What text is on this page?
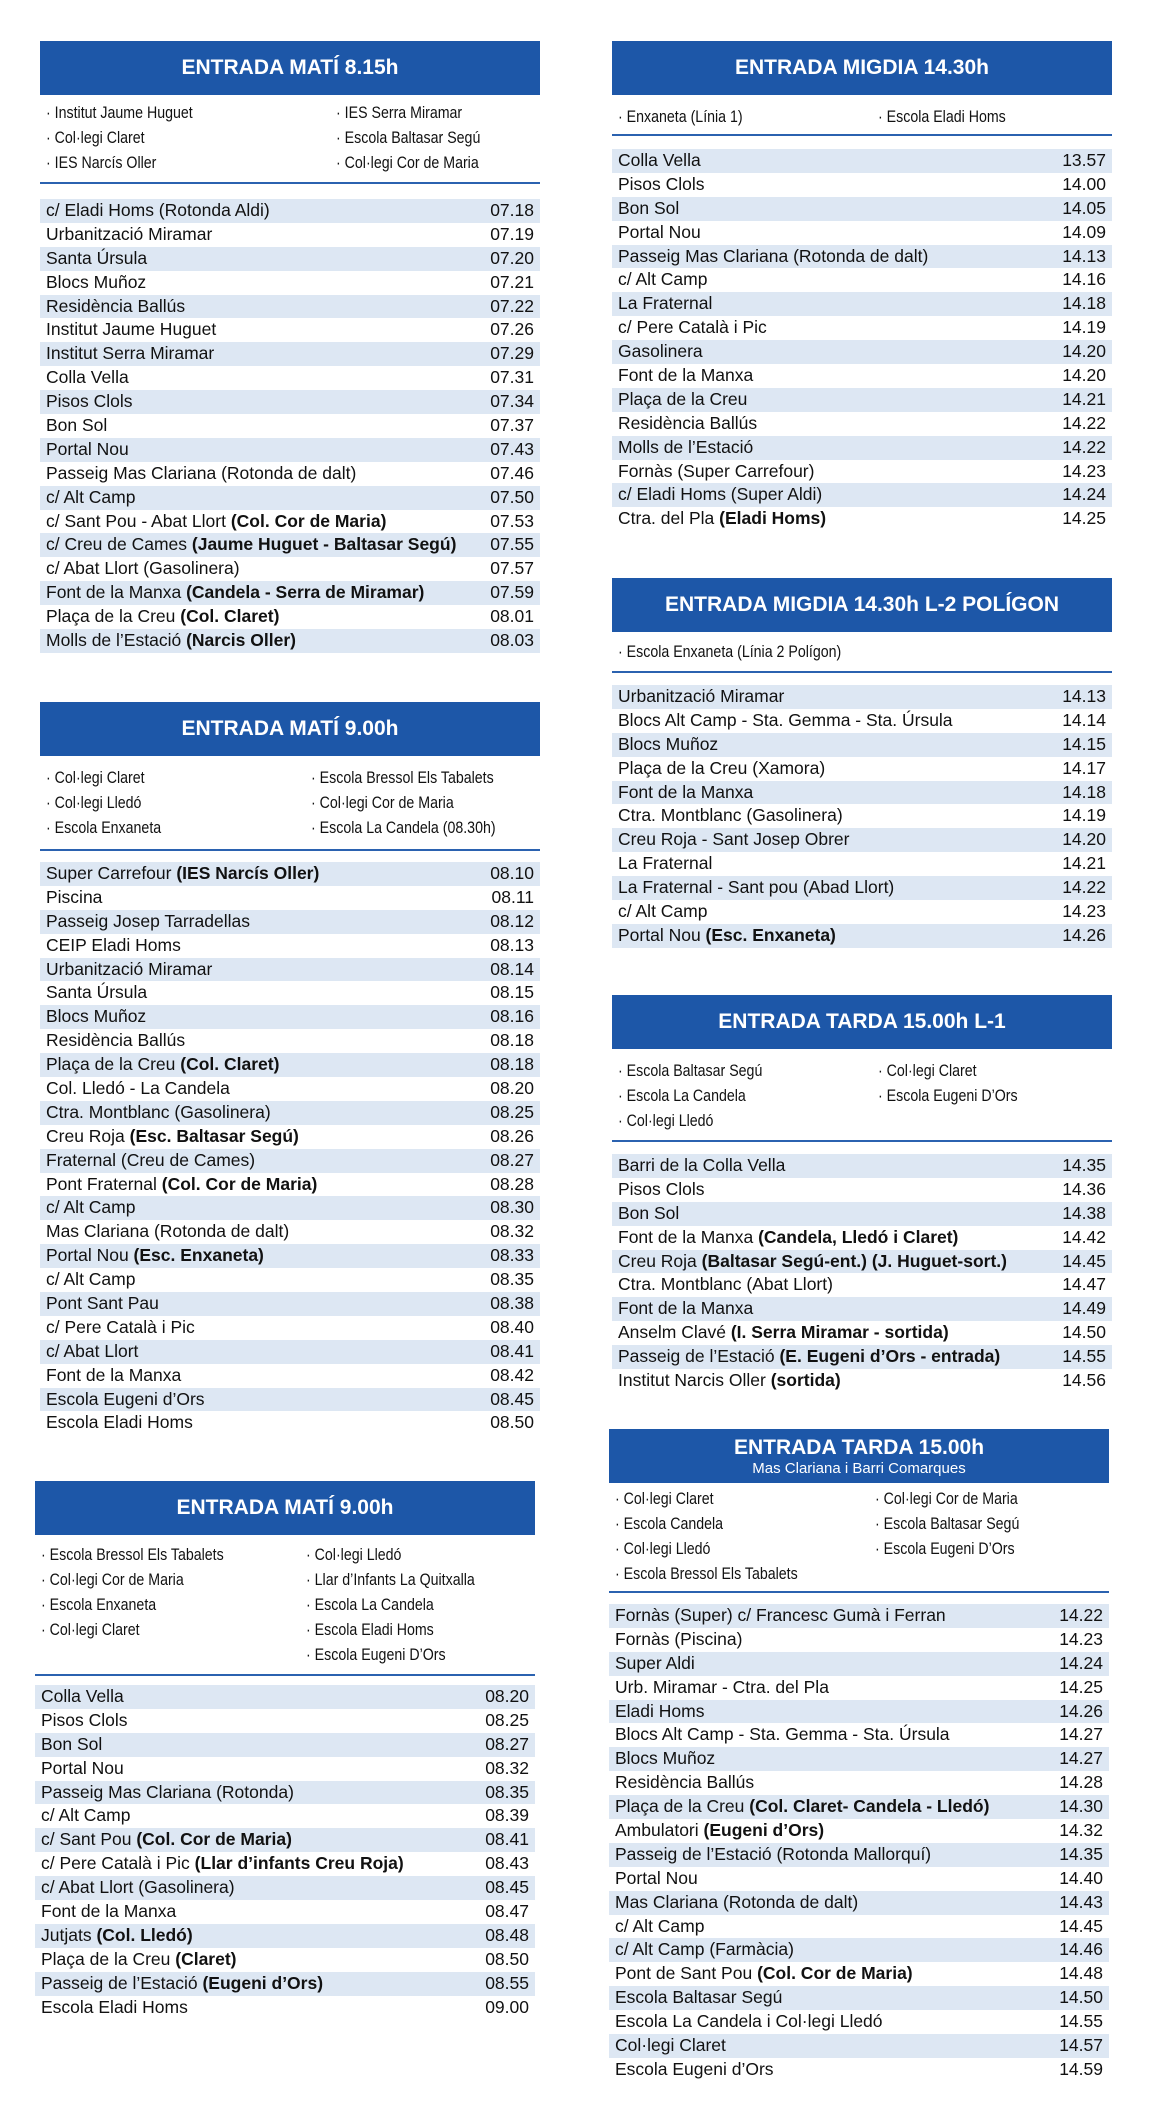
ENTRADA MATÍ 8.15h
· Institut Jaume Huguet	· IES Serra Miramar
· Col·legi Claret	· Escola Baltasar Segú
· IES Narcís Oller	· Col·legi Cor de Maria
c/ Eladi Homs (Rotonda Aldi)	07.18
Urbanització Miramar	07.19
Santa Úrsula	07.20
Blocs Muñoz	07.21
Residència Ballús	07.22
Institut Jaume Huguet	07.26
Institut Serra Miramar	07.29
Colla Vella	07.31
Pisos Clols	07.34
Bon Sol	07.37
Portal Nou	07.43
Passeig Mas Clariana (Rotonda de dalt)	07.46
c/ Alt Camp	07.50
c/ Sant Pou - Abat Llort (Col. Cor de Maria)	07.53
c/ Creu de Cames (Jaume Huguet - Baltasar Segú) 07.55
c/ Abat Llort (Gasolinera)	07.57
Font de la Manxa (Candela - Serra de Miramar)	07.59
Plaça de la Creu (Col. Claret)	08.01
Molls de l’Estació (Narcis Oller)	08.03
ENTRADA MATÍ 9.00h
· Col·legi Claret	· Escola Bressol Els Tabalets
· Col·legi Lledó	· Col·legi Cor de Maria
· Escola Enxaneta	· Escola La Candela (08.30h)
Super Carrefour (IES Narcís Oller)	08.10
Piscina	08.11
Passeig Josep Tarradellas	08.12
CEIP Eladi Homs	08.13
Urbanització Miramar	08.14
Santa Úrsula	08.15
Blocs Muñoz	08.16
Residència Ballús	08.18
Plaça de la Creu (Col. Claret)	08.18
Col. Lledó - La Candela	08.20
Ctra. Montblanc (Gasolinera)	08.25
Creu Roja (Esc. Baltasar Segú)	08.26
Fraternal (Creu de Cames)	08.27
Pont Fraternal (Col. Cor de Maria)	08.28
c/ Alt Camp	08.30
Mas Clariana (Rotonda de dalt)	08.32
Portal Nou (Esc. Enxaneta)	08.33
c/ Alt Camp	08.35
Pont Sant Pau	08.38
c/ Pere Català i Pic	08.40
c/ Abat Llort	08.41
Font de la Manxa	08.42
Escola Eugeni d’Ors	08.45
Escola Eladi Homs	08.50
ENTRADA MATÍ 9.00h
· Escola Bressol Els Tabalets	· Col·legi Lledó
· Col·legi Cor de Maria	· Llar d’Infants La Quitxalla
· Escola Enxaneta	· Escola La Candela
· Col·legi Claret	· Escola Eladi Homs
· Escola Eugeni D’Ors
Colla Vella	08.20
Pisos Clols	08.25
Bon Sol	08.27
Portal Nou	08.32
Passeig Mas Clariana (Rotonda)	08.35
c/ Alt Camp	08.39
c/ Sant Pou (Col. Cor de Maria)	08.41
c/ Pere Català i Pic (Llar d’infants Creu Roja)	08.43
c/ Abat Llort (Gasolinera)	08.45
Font de la Manxa	08.47
Jutjats (Col. Lledó)	08.48
Plaça de la Creu (Claret)	08.50
Passeig de l’Estació (Eugeni d’Ors)	08.55
Escola Eladi Homs	09.00
ENTRADA MIGDIA 14.30h
· Enxaneta (Línia 1)	· Escola Eladi Homs
Colla Vella	13.57
Pisos Clols	14.00
Bon Sol	14.05
Portal Nou	14.09
Passeig Mas Clariana (Rotonda de dalt)	14.13
c/ Alt Camp	14.16
La Fraternal	14.18
c/ Pere Català i Pic	14.19
Gasolinera	14.20
Font de la Manxa	14.20
Plaça de la Creu	14.21
Residència Ballús	14.22
Molls de l’Estació	14.22
Fornàs (Super Carrefour)	14.23
c/ Eladi Homs (Super Aldi)	14.24
Ctra. del Pla (Eladi Homs)	14.25
ENTRADA MIGDIA 14.30h L-2 POLÍGON
· Escola Enxaneta (Línia 2 Polígon)
Urbanització Miramar	14.13
Blocs Alt Camp - Sta. Gemma - Sta. Úrsula	14.14
Blocs Muñoz	14.15
Plaça de la Creu (Xamora)	14.17
Font de la Manxa	14.18
Ctra. Montblanc (Gasolinera)	14.19
Creu Roja - Sant Josep Obrer	14.20
La Fraternal	14.21
La Fraternal - Sant pou (Abad Llort)	14.22
c/ Alt Camp	14.23
Portal Nou (Esc. Enxaneta)	14.26
ENTRADA TARDA 15.00h L-1
· Escola Baltasar Segú	· Col·legi Claret
· Escola La Candela	· Escola Eugeni D’Ors
· Col·legi Lledó
Barri de la Colla Vella	14.35
Pisos Clols	14.36
Bon Sol	14.38
Font de la Manxa (Candela, Lledó i Claret)	14.42
Creu Roja (Baltasar Segú-ent.) (J. Huguet-sort.)	14.45
Ctra. Montblanc (Abat Llort)	14.47
Font de la Manxa	14.49
Anselm Clavé (I. Serra Miramar - sortida)	14.50
Passeig de l’Estació (E. Eugeni d’Ors - entrada)	14.55
Institut Narcis Oller (sortida)	14.56
ENTRADA TARDA 15.00h
Mas Clariana i Barri Comarques
· Col·legi Claret	· Col·legi Cor de Maria
· Escola Candela	· Escola Baltasar Segú
· Col·legi Lledó	· Escola Eugeni D’Ors
· Escola Bressol Els Tabalets
Fornàs (Super) c/ Francesc Gumà i Ferran	14.22
Fornàs (Piscina)	14.23
Super Aldi	14.24
Urb. Miramar - Ctra. del Pla	14.25
Eladi Homs	14.26
Blocs Alt Camp - Sta. Gemma - Sta. Úrsula	14.27
Blocs Muñoz	14.27
Residència Ballús	14.28
Plaça de la Creu (Col. Claret- Candela - Lledó)	14.30
Ambulatori (Eugeni d’Ors)	14.32
Passeig de l’Estació (Rotonda Mallorquí)	14.35
Portal Nou	14.40
Mas Clariana (Rotonda de dalt)	14.43
c/ Alt Camp	14.45
c/ Alt Camp (Farmàcia)	14.46
Pont de Sant Pou (Col. Cor de Maria)	14.48
Escola Baltasar Segú	14.50
Escola La Candela i Col·legi Lledó	14.55
Col·legi Claret	14.57
Escola Eugeni d’Ors	14.59
